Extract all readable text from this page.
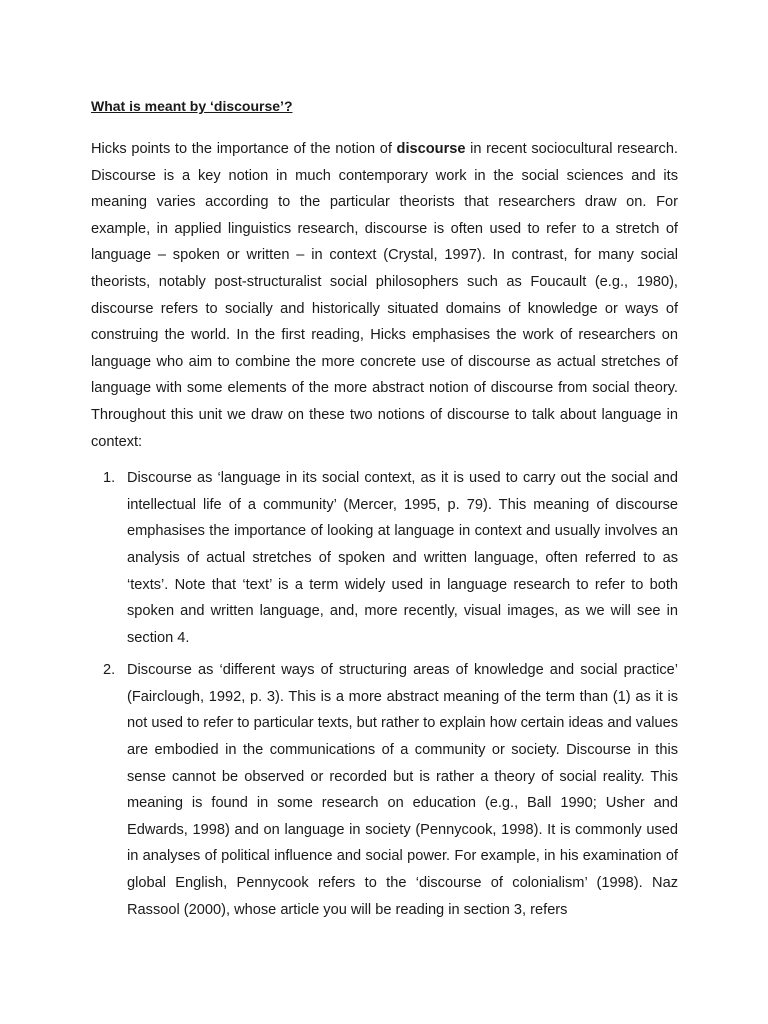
What is meant by ‘discourse’?

Hicks points to the importance of the notion of discourse in recent sociocultural research. Discourse is a key notion in much contemporary work in the social sciences and its meaning varies according to the particular theorists that researchers draw on. For example, in applied linguistics research, discourse is often used to refer to a stretch of language – spoken or written – in context (Crystal, 1997). In contrast, for many social theorists, notably post-structuralist social philosophers such as Foucault (e.g., 1980), discourse refers to socially and historically situated domains of knowledge or ways of construing the world. In the first reading, Hicks emphasises the work of researchers on language who aim to combine the more concrete use of discourse as actual stretches of language with some elements of the more abstract notion of discourse from social theory. Throughout this unit we draw on these two notions of discourse to talk about language in context:

1. Discourse as ‘language in its social context, as it is used to carry out the social and intellectual life of a community’ (Mercer, 1995, p. 79). This meaning of discourse emphasises the importance of looking at language in context and usually involves an analysis of actual stretches of spoken and written language, often referred to as ‘texts’. Note that ‘text’ is a term widely used in language research to refer to both spoken and written language, and, more recently, visual images, as we will see in section 4.
2. Discourse as ‘different ways of structuring areas of knowledge and social practice’ (Fairclough, 1992, p. 3). This is a more abstract meaning of the term than (1) as it is not used to refer to particular texts, but rather to explain how certain ideas and values are embodied in the communications of a community or society. Discourse in this sense cannot be observed or recorded but is rather a theory of social reality. This meaning is found in some research on education (e.g., Ball 1990; Usher and Edwards, 1998) and on language in society (Pennycook, 1998). It is commonly used in analyses of political influence and social power. For example, in his examination of global English, Pennycook refers to the ‘discourse of colonialism’ (1998). Naz Rassool (2000), whose article you will be reading in section 3, refers
